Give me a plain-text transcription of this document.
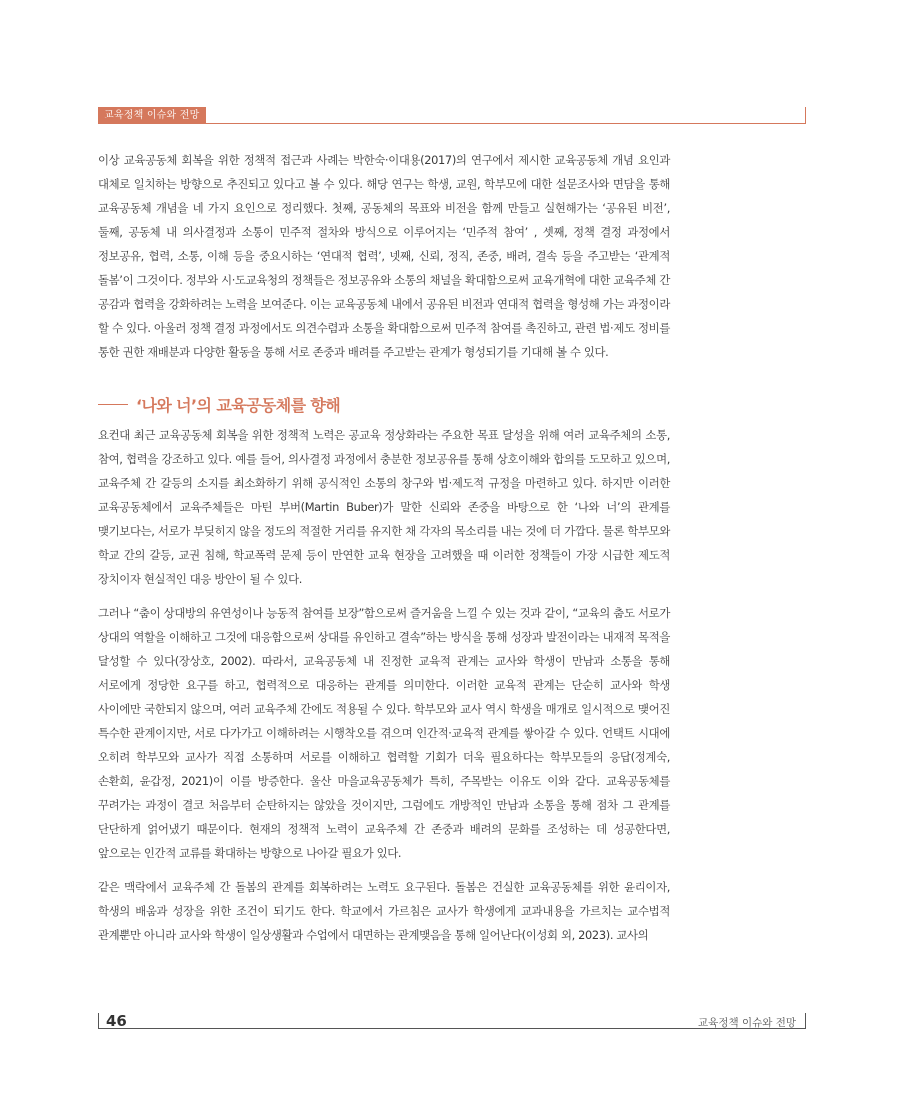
교육정책 이슈와 전망

이상 교육공동체 회복을 위한 정책적 접근과 사례는 박한숙·이대용(2017)의 연구에서 제시한 교육공동체 개념 요인과 대체로 일치하는 방향으로 추진되고 있다고 볼 수 있다. 해당 연구는 학생, 교원, 학부모에 대한 설문조사와 면담을 통해 교육공동체 개념을 네 가지 요인으로 정리했다. 첫째, 공동체의 목표와 비전을 함께 만들고 실현해가는 ‘공유된 비전’, 둘째, 공동체 내 의사결정과 소통이 민주적 절차와 방식으로 이루어지는 ‘민주적 참여’ , 셋째, 정책 결정 과정에서 정보공유, 협력, 소통, 이해 등을 중요시하는 ‘연대적 협력’, 넷째, 신뢰, 정직, 존중, 배려, 결속 등을 주고받는 ‘관계적 돌봄’이 그것이다. 정부와 시·도교육청의 정책들은 정보공유와 소통의 채널을 확대함으로써 교육개혁에 대한 교육주체 간 공감과 협력을 강화하려는 노력을 보여준다. 이는 교육공동체 내에서 공유된 비전과 연대적 협력을 형성해 가는 과정이라 할 수 있다. 아울러 정책 결정 과정에서도 의견수렴과 소통을 확대함으로써 민주적 참여를 촉진하고, 관련 법·제도 정비를 통한 권한 재배분과 다양한 활동을 통해 서로 존중과 배려를 주고받는 관계가 형성되기를 기대해 볼 수 있다.

‘나와 너’의 교육공동체를 향해

요컨대 최근 교육공동체 회복을 위한 정책적 노력은 공교육 정상화라는 주요한 목표 달성을 위해 여러 교육주체의 소통, 참여, 협력을 강조하고 있다. 예를 들어, 의사결정 과정에서 충분한 정보공유를 통해 상호이해와 합의를 도모하고 있으며, 교육주체 간 갈등의 소지를 최소화하기 위해 공식적인 소통의 창구와 법·제도적 규정을 마련하고 있다. 하지만 이러한 교육공동체에서 교육주체들은 마틴 부버(Martin Buber)가 말한 신뢰와 존중을 바탕으로 한 ‘나와 너’의 관계를 맺기보다는, 서로가 부딪히지 않을 정도의 적절한 거리를 유지한 채 각자의 목소리를 내는 것에 더 가깝다. 물론 학부모와 학교 간의 갈등, 교권 침해, 학교폭력 문제 등이 만연한 교육 현장을 고려했을 때 이러한 정책들이 가장 시급한 제도적 장치이자 현실적인 대응 방안이 될 수 있다.

그러나 “춤이 상대방의 유연성이나 능동적 참여를 보장”함으로써 즐거움을 느낄 수 있는 것과 같이, “교육의 춤도 서로가 상대의 역할을 이해하고 그것에 대응함으로써 상대를 유인하고 결속”하는 방식을 통해 성장과 발전이라는 내재적 목적을 달성할 수 있다(장상호, 2002). 따라서, 교육공동체 내 진정한 교육적 관계는 교사와 학생이 만남과 소통을 통해 서로에게 정당한 요구를 하고, 협력적으로 대응하는 관계를 의미한다. 이러한 교육적 관계는 단순히 교사와 학생 사이에만 국한되지 않으며, 여러 교육주체 간에도 적용될 수 있다. 학부모와 교사 역시 학생을 매개로 일시적으로 맺어진 특수한 관계이지만, 서로 다가가고 이해하려는 시행착오를 겪으며 인간적·교육적 관계를 쌓아갈 수 있다. 언택트 시대에 오히려 학부모와 교사가 직접 소통하며 서로를 이해하고 협력할 기회가 더욱 필요하다는 학부모들의 응답(정계숙, 손환희, 윤갑정, 2021)이 이를 방증한다. 울산 마을교육공동체가 특히, 주목받는 이유도 이와 같다. 교육공동체를 꾸려가는 과정이 결코 처음부터 순탄하지는 않았을 것이지만, 그럼에도 개방적인 만남과 소통을 통해 점차 그 관계를 단단하게 얽어냈기 때문이다. 현재의 정책적 노력이 교육주체 간 존중과 배려의 문화를 조성하는 데 성공한다면, 앞으로는 인간적 교류를 확대하는 방향으로 나아갈 필요가 있다.

같은 맥락에서 교육주체 간 돌봄의 관계를 회복하려는 노력도 요구된다. 돌봄은 건실한 교육공동체를 위한 윤리이자, 학생의 배움과 성장을 위한 조건이 되기도 한다. 학교에서 가르침은 교사가 학생에게 교과내용을 가르치는 교수법적 관계뿐만 아니라 교사와 학생이 일상생활과 수업에서 대면하는 관계맺음을 통해 일어난다(이성회 외, 2023). 교사의

46	교육정책 이슈와 전망
